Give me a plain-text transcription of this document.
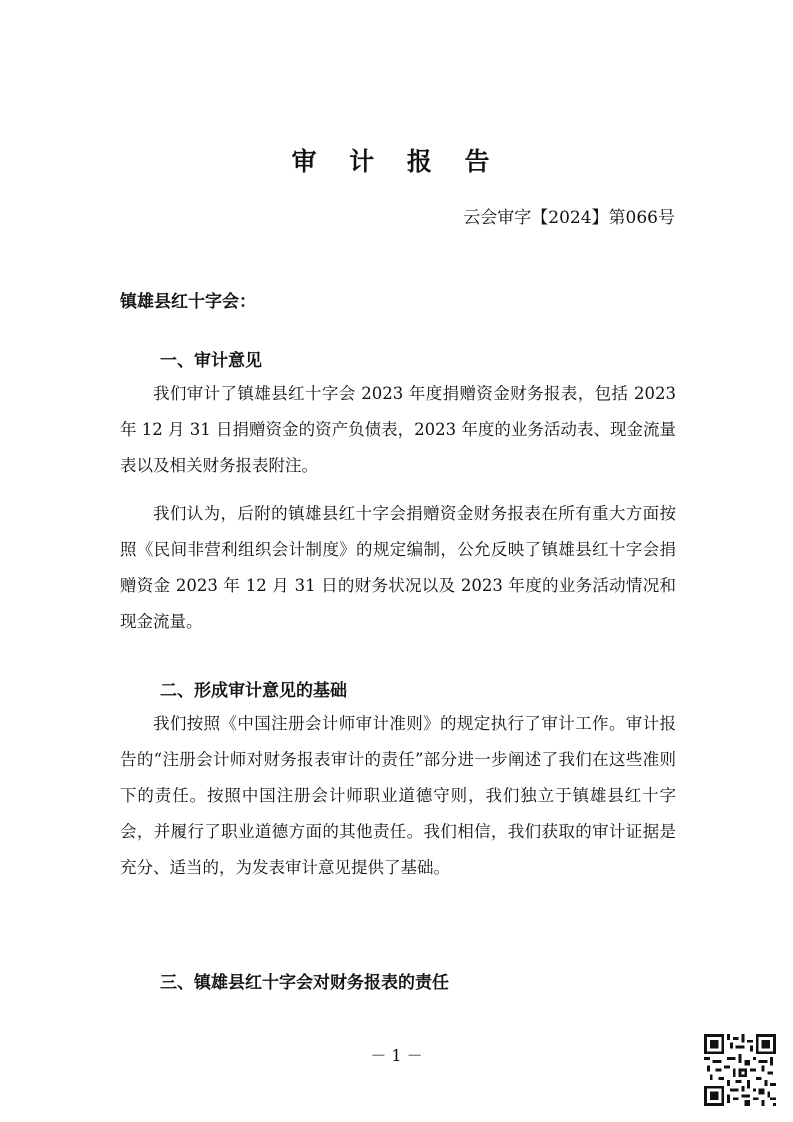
审 计 报 告
云会审字【2024】第066号

镇雄县红十字会：

一、审计意见

我们审计了镇雄县红十字会 2023 年度捐赠资金财务报表，包括 2023 年 12 月 31 日捐赠资金的资产负债表，2023 年度的业务活动表、现金流量表以及相关财务报表附注。

我们认为，后附的镇雄县红十字会捐赠资金财务报表在所有重大方面按照《民间非营利组织会计制度》的规定编制，公允反映了镇雄县红十字会捐赠资金 2023 年 12 月 31 日的财务状况以及 2023 年度的业务活动情况和现金流量。

二、形成审计意见的基础

我们按照《中国注册会计师审计准则》的规定执行了审计工作。审计报告的“注册会计师对财务报表审计的责任”部分进一步阐述了我们在这些准则下的责任。按照中国注册会计师职业道德守则，我们独立于镇雄县红十字会，并履行了职业道德方面的其他责任。我们相信，我们获取的审计证据是充分、适当的，为发表审计意见提供了基础。

三、镇雄县红十字会对财务报表的责任
－ 1 －
